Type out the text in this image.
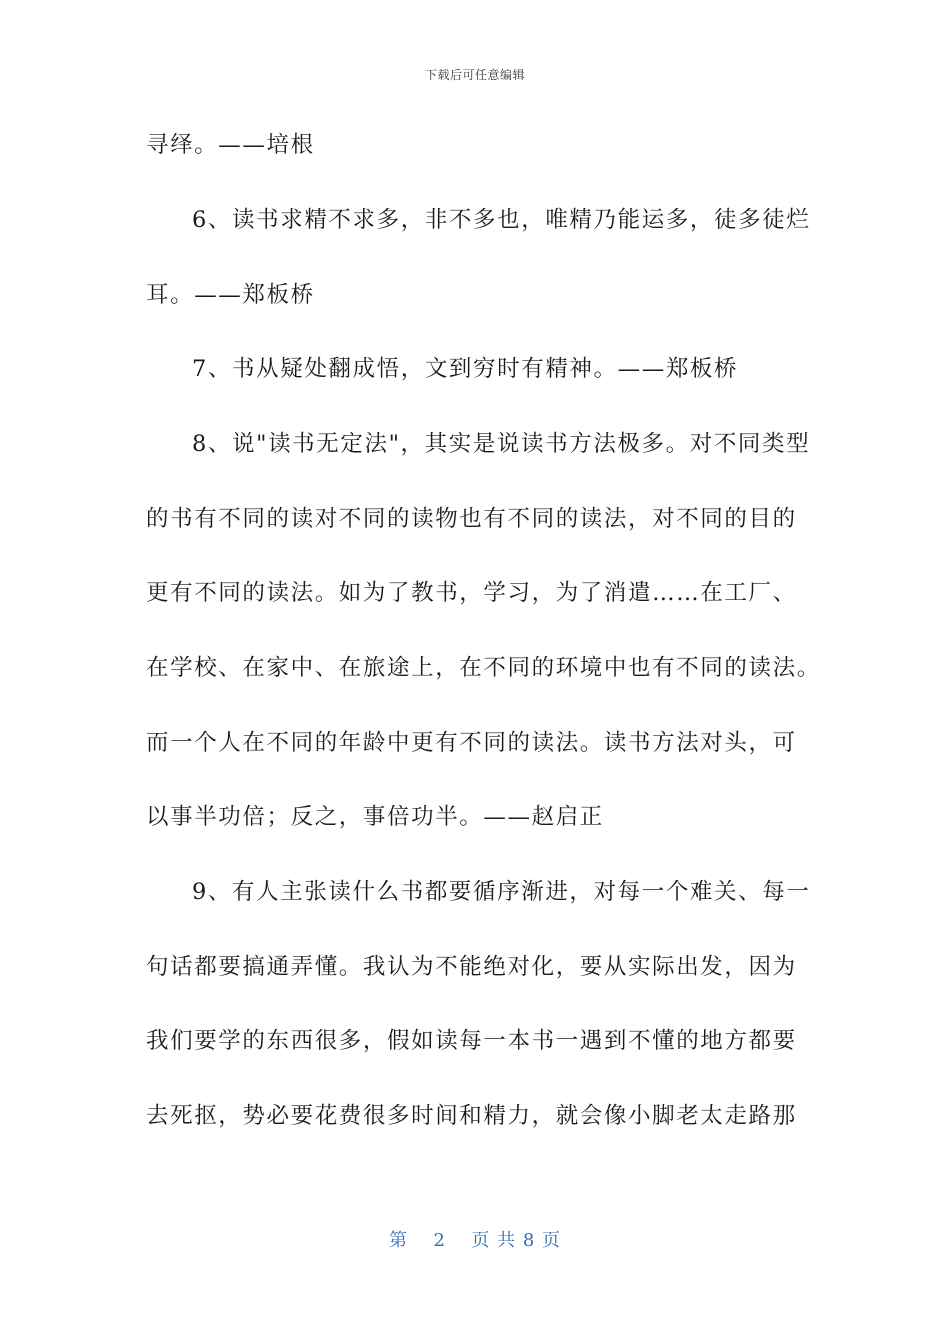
下载后可任意编辑
寻绎。——培根
6、读书求精不求多，非不多也，唯精乃能运多，徒多徒烂
耳。——郑板桥
7、书从疑处翻成悟，文到穷时有精神。——郑板桥
8、说"读书无定法"，其实是说读书方法极多。对不同类型
的书有不同的读对不同的读物也有不同的读法，对不同的目的
更有不同的读法。如为了教书，学习，为了消遣……在工厂、
在学校、在家中、在旅途上，在不同的环境中也有不同的读法。
而一个人在不同的年龄中更有不同的读法。读书方法对头，可
以事半功倍；反之，事倍功半。——赵启正
9、有人主张读什么书都要循序渐进，对每一个难关、每一
句话都要搞通弄懂。我认为不能绝对化，要从实际出发，因为
我们要学的东西很多，假如读每一本书一遇到不懂的地方都要
去死抠，势必要花费很多时间和精力，就会像小脚老太走路那
第 2 页 共 8 页
